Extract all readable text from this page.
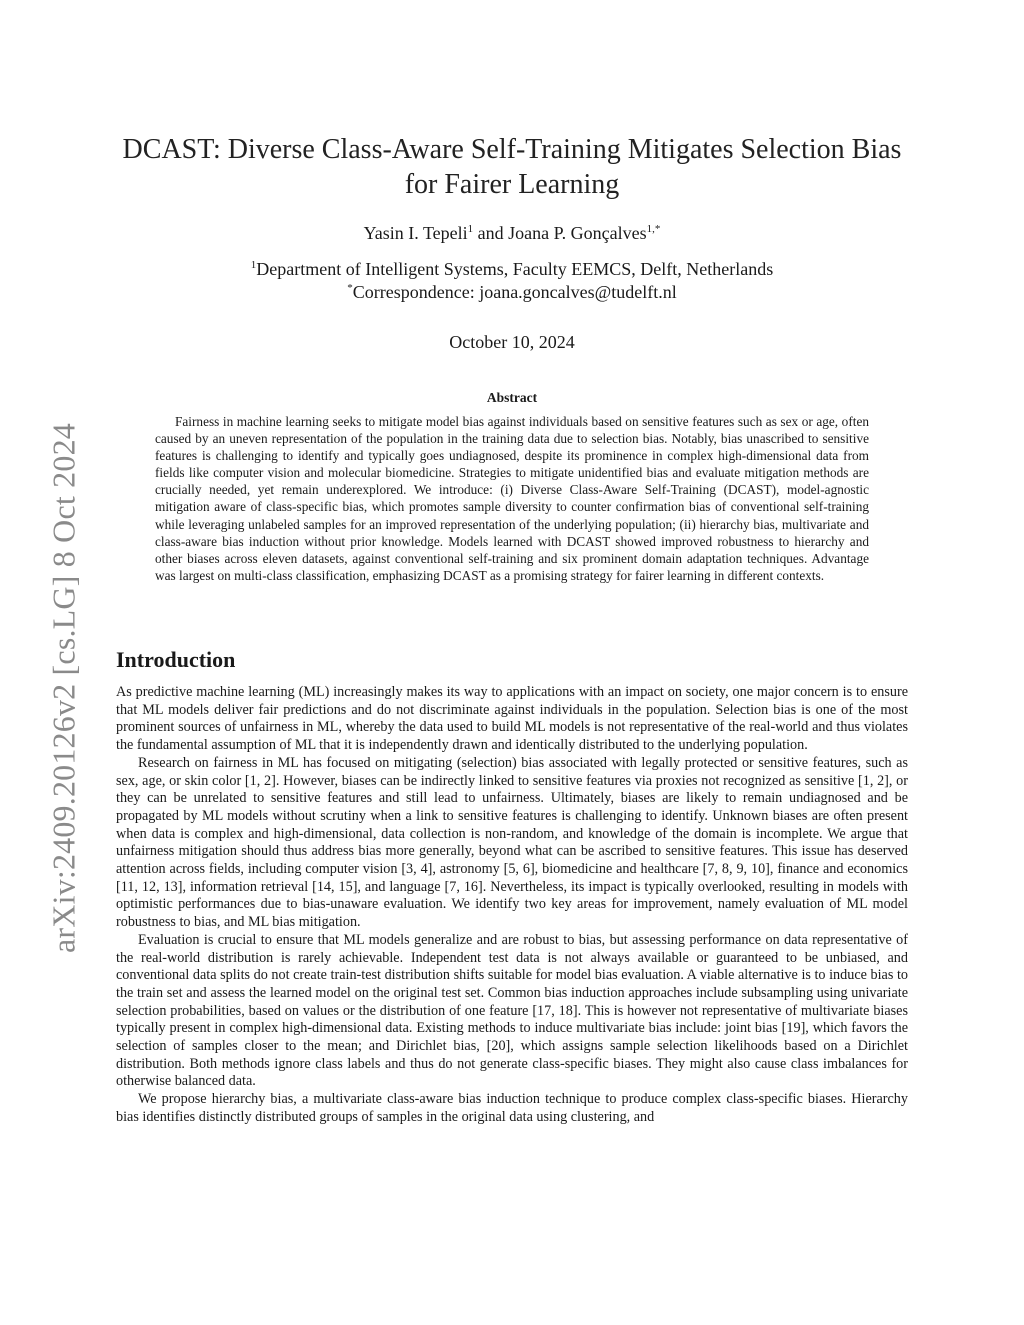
arXiv:2409.20126v2 [cs.LG] 8 Oct 2024
DCAST: Diverse Class-Aware Self-Training Mitigates Selection Bias
for Fairer Learning
Yasin I. Tepeli$^1$ and Joana P. Gonçalves$^{1,*}$
$^1$Department of Intelligent Systems, Faculty EEMCS, Delft, Netherlands
*Correspondence: joana.goncalves@tudelft.nl
October 10, 2024
Abstract

Fairness in machine learning seeks to mitigate model bias against individuals based on sensitive features such as sex or age, often caused by an uneven representation of the population in the training data due to selection bias. Notably, bias unascribed to sensitive features is challenging to identify and typically goes undiagnosed, despite its prominence in complex high-dimensional data from fields like computer vision and molecular biomedicine. Strategies to mitigate unidentified bias and evaluate mitigation methods are crucially needed, yet remain underexplored. We introduce: (i) Diverse Class-Aware Self-Training (DCAST), model-agnostic mitigation aware of class-specific bias, which promotes sample diversity to counter confirmation bias of conventional self-training while leveraging unlabeled samples for an improved representation of the underlying population; (ii) hierarchy bias, multivariate and class-aware bias induction without prior knowledge. Models learned with DCAST showed improved robustness to hierarchy and other biases across eleven datasets, against conventional self-training and six prominent domain adaptation techniques. Advantage was largest on multi-class classification, emphasizing DCAST as a promising strategy for fairer learning in different contexts.

Introduction

As predictive machine learning (ML) increasingly makes its way to applications with an impact on society, one major concern is to ensure that ML models deliver fair predictions and do not discriminate against individuals in the population. Selection bias is one of the most prominent sources of unfairness in ML, whereby the data used to build ML models is not representative of the real-world and thus violates the fundamental assumption of ML that it is independently drawn and identically distributed to the underlying population.

Research on fairness in ML has focused on mitigating (selection) bias associated with legally protected or sensitive features, such as sex, age, or skin color [1, 2]. However, biases can be indirectly linked to sensitive features via proxies not recognized as sensitive [1, 2], or they can be unrelated to sensitive features and still lead to unfairness. Ultimately, biases are likely to remain undiagnosed and be propagated by ML models without scrutiny when a link to sensitive features is challenging to identify. Unknown biases are often present when data is complex and high-dimensional, data collection is non-random, and knowledge of the domain is incomplete. We argue that unfairness mitigation should thus address bias more generally, beyond what can be ascribed to sensitive features. This issue has deserved attention across fields, including computer vision [3, 4], astronomy [5, 6], biomedicine and healthcare [7, 8, 9, 10], finance and economics [11, 12, 13], information retrieval [14, 15], and language [7, 16]. Nevertheless, its impact is typically overlooked, resulting in models with optimistic performances due to bias-unaware evaluation. We identify two key areas for improvement, namely evaluation of ML model robustness to bias, and ML bias mitigation.

Evaluation is crucial to ensure that ML models generalize and are robust to bias, but assessing performance on data representative of the real-world distribution is rarely achievable. Independent test data is not always available or guaranteed to be unbiased, and conventional data splits do not create train-test distribution shifts suitable for model bias evaluation. A viable alternative is to induce bias to the train set and assess the learned model on the original test set. Common bias induction approaches include subsampling using univariate selection probabilities, based on values or the distribution of one feature [17, 18]. This is however not representative of multivariate biases typically present in complex high-dimensional data. Existing methods to induce multivariate bias include: joint bias [19], which favors the selection of samples closer to the mean; and Dirichlet bias, [20], which assigns sample selection likelihoods based on a Dirichlet distribution. Both methods ignore class labels and thus do not generate class-specific biases. They might also cause class imbalances for otherwise balanced data.

We propose hierarchy bias, a multivariate class-aware bias induction technique to produce complex class-specific biases. Hierarchy bias identifies distinctly distributed groups of samples in the original data using clustering, and
